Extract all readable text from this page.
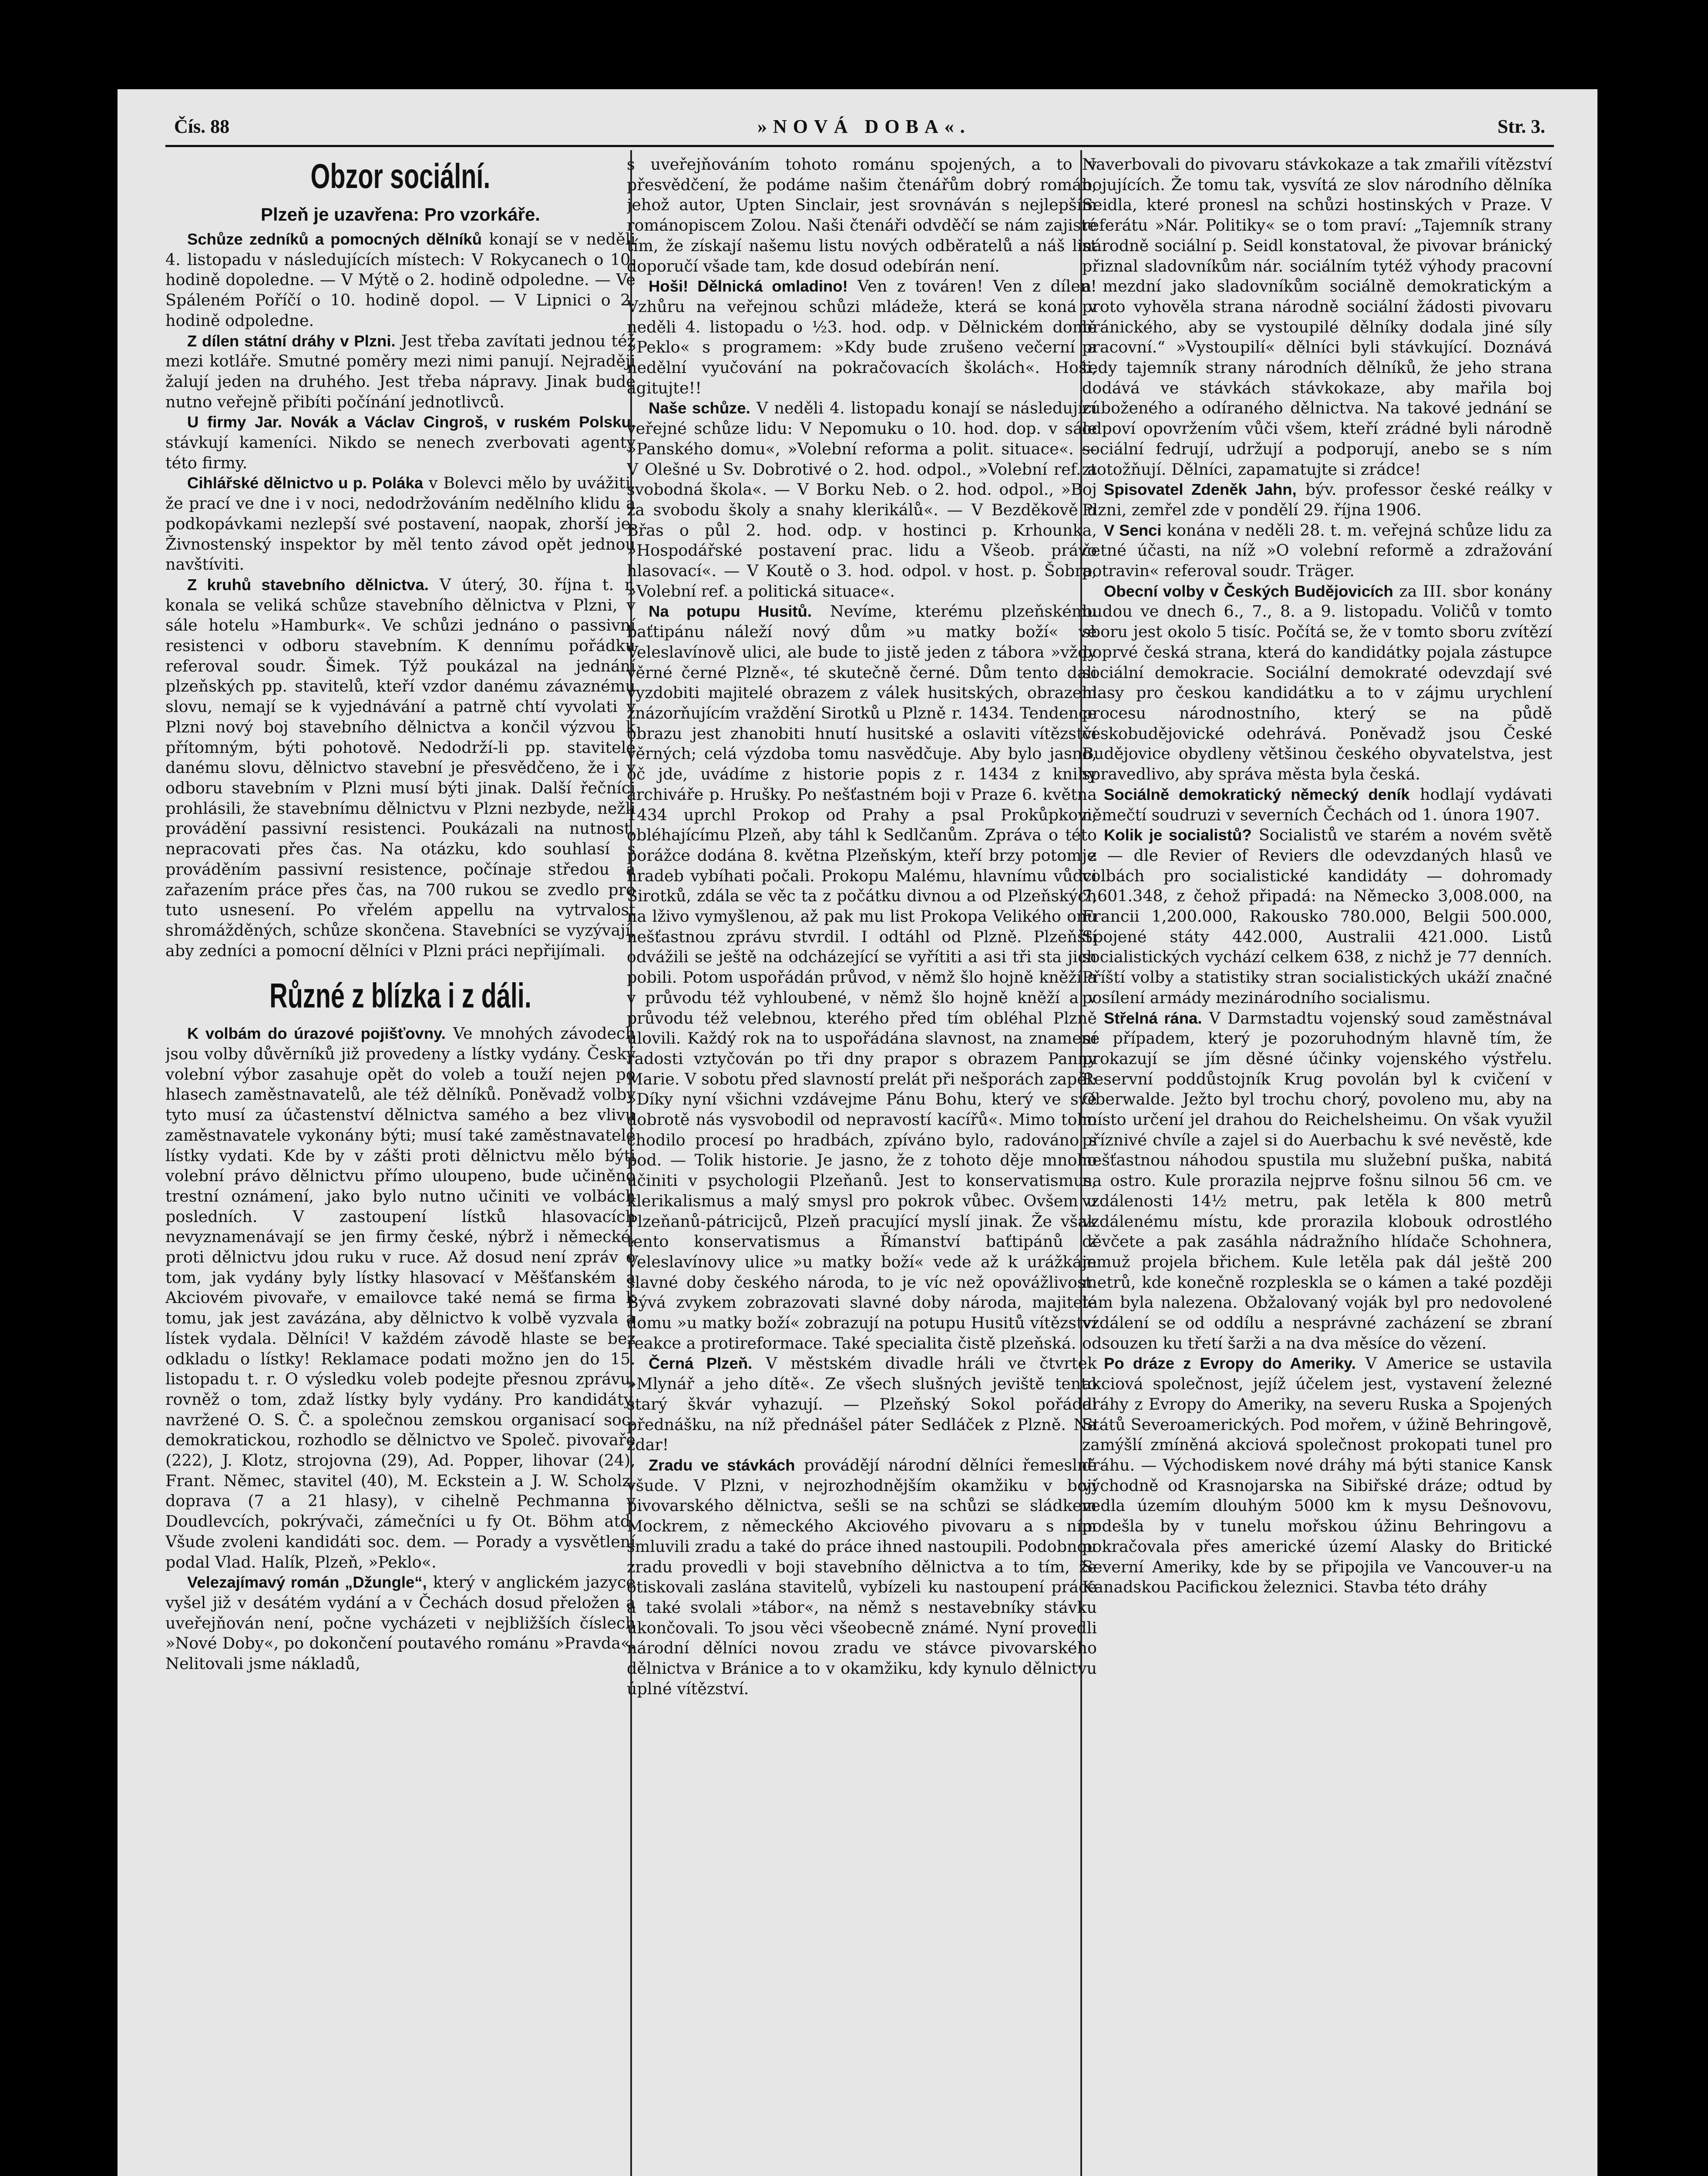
Čís. 88	»NOVÁ DOBA«.	Str. 3.
Obzor sociální.
Plzeň je uzavřena: Pro vzorkáře.

Schůze zedníků a pomocných dělníků konají se v neděli 4. listopadu v následujících místech: V Rokycanech o 10. hodině dopoledne. — V Mýtě o 2. hodině odpoledne. — Ve Spáleném Poříčí o 10. hodině dopol. — V Lipnici o 2. hodině odpoledne.

Z dílen státní dráhy v Plzni. Jest třeba zavítati jednou též mezi kotláře. Smutné poměry mezi nimi panují. Nejraději žalují jeden na druhého. Jest třeba nápravy. Jinak bude nutno veřejně přibíti počínání jednotlivců.

U firmy Jar. Novák a Václav Cingroš, v ruském Polsku, stávkují kameníci. Nikdo se nenech zverbovati agenty této firmy.

Cihlářské dělnictvo u p. Poláka v Bolevci mělo by uvážiti, že prací ve dne i v noci, nedodržováním nedělního klidu a podkopávkami nezlepší své postavení, naopak, zhorší je. Živnostenský inspektor by měl tento závod opět jednou navštíviti.

Z kruhů stavebního dělnictva. V úterý, 30. října t. r. konala se veliká schůze stavebního dělnictva v Plzni, v sále hotelu »Hamburk«. Ve schůzi jednáno o passivní resistenci v odboru stavebním. K dennímu pořádku referoval soudr. Šimek. Týž poukázal na jednání plzeňských pp. stavitelů, kteří vzdor danému závaznému slovu, nemají se k vyjednávání a patrně chtí vyvolati v Plzni nový boj stavebního dělnictva a končil výzvou k přítomným, býti pohotově. Nedodrží-li pp. stavitelé danému slovu, dělnictvo stavební je přesvědčeno, že i v odboru stavebním v Plzni musí býti jinak. Další řečníci prohlásili, že stavebnímu dělnictvu v Plzni nezbyde, nežli provádění passivní resistenci. Poukázali na nutnost, nepracovati přes čas. Na otázku, kdo souhlasí s prováděním passivní resistence, počínaje středou a zařazením práce přes čas, na 700 rukou se zvedlo pro tuto usnesení. Po vřelém appellu na vytrvalost shromážděných, schůze skončena. Stavebníci se vyzývají, aby zedníci a pomocní dělníci v Plzni práci nepřijímali.

Různé z blízka i z dáli.

K volbám do úrazové pojišťovny. Ve mnohých závodech jsou volby důvěrníků již provedeny a lístky vydány. Český volební výbor zasahuje opět do voleb a touží nejen po hlasech zaměstnavatelů, ale též dělníků. Poněvadž volby tyto musí za účastenství dělnictva samého a bez vlivu zaměstnavatele vykonány býti; musí také zaměstnavatelé lístky vydati. Kde by v zášti proti dělnictvu mělo býti volební právo dělnictvu přímo uloupeno, bude učiněno trestní oznámení, jako bylo nutno učiniti ve volbách posledních. V zastoupení lístků hlasovacích nevyznamenávají se jen firmy české, nýbrž i německé, proti dělnictvu jdou ruku v ruce. Až dosud není zpráv o tom, jak vydány byly lístky hlasovací v Měšťanském a Akciovém pivovaře, v emailovce také nemá se firma k tomu, jak jest zavázána, aby dělnictvo k volbě vyzvala a lístek vydala. Dělníci! V každém závodě hlaste se bez odkladu o lístky! Reklamace podati možno jen do 15. listopadu t. r. O výsledku voleb podejte přesnou zprávu, rovněž o tom, zdaž lístky byly vydány. Pro kandidáty, navržené O. S. Č. a společnou zemskou organisací soc. demokratickou, rozhodlo se dělnictvo ve Společ. pivovaře (222), J. Klotz, strojovna (29), Ad. Popper, lihovar (24), Frant. Němec, stavitel (40), M. Eckstein a J. W. Scholz, doprava (7 a 21 hlasy), v cihelně Pechmanna v Doudlevcích, pokrývači, zámečníci u fy Ot. Böhm atd. Všude zvoleni kandidáti soc. dem. — Porady a vysvětlení podal Vlad. Halík, Plzeň, »Peklo«.

Velezajímavý román „Džungle“, který v anglickém jazyce vyšel již v desátém vydání a v Čechách dosud přeložen a uveřejňován není, počne vycházeti v nejbližších číslech »Nové Doby«, po dokončení poutavého románu »Pravda«. Nelitovali jsme nákladů,

s uveřejňováním tohoto románu spojených, a to v přesvědčení, že podáme našim čtenářům dobrý román, jehož autor, Upten Sinclair, jest srovnáván s nejlepším románopiscem Zolou. Naši čtenáři odvděčí se nám zajisté tím, že získají našemu listu nových odběratelů a náš list doporučí všade tam, kde dosud odebírán není.

Hoši! Dělnická omladino! Ven z továren! Ven z dílen! Vzhůru na veřejnou schůzi mládeže, která se koná v neděli 4. listopadu o ½3. hod. odp. v Dělnickém domě »Peklo« s programem: »Kdy bude zrušeno večerní a nedělní vyučování na pokračovacích školách«. Hoši, agitujte!!

Naše schůze. V neděli 4. listopadu konají se následující veřejné schůze lidu: V Nepomuku o 10. hod. dop. v sále »Panského domu«, »Volební reforma a polit. situace«. — V Olešné u Sv. Dobrotivé o 2. hod. odpol., »Volební ref. a svobodná škola«. — V Borku Neb. o 2. hod. odpol., »Boj za svobodu školy a snahy klerikálů«. — V Bezděkově u Břas o půl 2. hod. odp. v hostinci p. Krhounka, »Hospodářské postavení prac. lidu a Všeob. právo hlasovací«. — V Koutě o 3. hod. odpol. v host. p. Šobra, »Volební ref. a politická situace«.

Na potupu Husitů. Nevíme, kterému plzeňskému baťtipánu náleží nový dům »u matky boží« ve Veleslavínově ulici, ale bude to jistě jeden z tábora »vždy věrné černé Plzně«, té skutečně černé. Dům tento dali vyzdobiti majitelé obrazem z válek husitských, obrazem znázorňujícím vraždění Sirotků u Plzně r. 1434. Tendence obrazu jest zhanobiti hnutí husitské a oslaviti vítězství věrných; celá výzdoba tomu nasvědčuje. Aby bylo jasno, oč jde, uvádíme z historie popis z r. 1434 z knihy archiváře p. Hrušky. Po nešťastném boji v Praze 6. května 1434 uprchl Prokop od Prahy a psal Prokůpkovi, obléhajícímu Plzeň, aby táhl k Sedlčanům. Zpráva o této porážce dodána 8. května Plzeňským, kteří brzy potom z hradeb vybíhati počali. Prokopu Malému, hlavnímu vůdci Sirotků, zdála se věc ta z počátku divnou a od Plzeňských na lživo vymyšlenou, až pak mu list Prokopa Velikého onu nešťastnou zprávu stvrdil. I odtáhl od Plzně. Plzeňští odvážili se ještě na odcházející se vyřítiti a asi tři sta jich pobili. Potom uspořádán průvod, v němž šlo hojně kněží a v průvodu též vyhloubené, v němž šlo hojně kněží a v průvodu též velebnou, kterého před tím obléhal Plzně ulovili. Každý rok na to uspořádána slavnost, na znamení radosti vztyčován po tři dny prapor s obrazem Panny Marie. V sobotu před slavností prelát při nešporách zapěl: »Díky nyní všichni vzdávejme Pánu Bohu, který ve své dobrotě nás vysvobodil od nepravostí kacířů«. Mimo toho chodilo procesí po hradbách, zpíváno bylo, radováno s pod. — Tolik historie. Je jasno, že z tohoto děje mnoho učiniti v psychologii Plzeňanů. Jest to konservatismus, klerikalismus a malý smysl pro pokrok vůbec. Ovšem u Plzeňanů-pátricijců, Plzeň pracující myslí jinak. Že však tento konservatismus a Římanství baťtipánů z Veleslavínovy ulice »u matky boží« vede až k urážkám slavné doby českého národa, to je víc než opovážlivost. Bývá zvykem zobrazovati slavné doby národa, majitelé domu »u matky boží« zobrazují na potupu Husitů vítězství reakce a protireformace. Také specialita čistě plzeňská.

Černá Plzeň. V městském divadle hráli ve čtvrtek »Mlynář a jeho dítě«. Ze všech slušných jeviště tento starý škvár vyhazují. — Plzeňský Sokol pořádal přednášku, na níž přednášel páter Sedláček z Plzně. Na zdar!

Zradu ve stávkách provádějí národní dělníci řemeslně všude. V Plzni, v nejrozhodnějším okamžiku v boji pivovarského dělnictva, sešli se na schůzi se sládkem Mockrem, z německého Akciového pivovaru a s ním smluvili zradu a také do práce ihned nastoupili. Podobnou zradu provedli v boji stavebního dělnictva a to tím, že otiskovali zaslána stavitelů, vybízeli ku nastoupení práce a také svolali »tábor«, na němž s nestavebníky stávku ukončovali. To jsou věci všeobecně známé. Nyní provedli národní dělníci novou zradu ve stávce pivovarského dělnictva v Bránice a to v okamžiku, kdy kynulo dělnictvu úplné vítězství.

Naverbovali do pivovaru stávkokaze a tak zmařili vítězství bojujících. Že tomu tak, vysvítá ze slov národního dělníka Seidla, které pronesl na schůzi hostinských v Praze. V referátu »Nár. Politiky« se o tom praví: „Tajemník strany národně sociální p. Seidl konstatoval, že pivovar bránický přiznal sladovníkům nár. sociálním tytéž výhody pracovní a mezdní jako sladovníkům sociálně demokratickým a proto vyhověla strana národně sociální žádosti pivovaru bránického, aby se vystoupilé dělníky dodala jiné síly pracovní.“ »Vystoupilí« dělníci byli stávkující. Doznává tedy tajemník strany národních dělníků, že jeho strana dodává ve stávkách stávkokaze, aby mařila boj zuboženého a odíraného dělnictva. Na takové jednání se odpoví opovržením vůči všem, kteří zrádné byli národně sociální fedrují, udržují a podporují, anebo se s ním ztotožňují. Dělníci, zapamatujte si zrádce!

Spisovatel Zdeněk Jahn, býv. professor české reálky v Plzni, zemřel zde v pondělí 29. října 1906.

V Senci konána v neděli 28. t. m. veřejná schůze lidu za četné účasti, na níž »O volební reformě a zdražování potravin« referoval soudr. Träger.

Obecní volby v Českých Budějovicích za III. sbor konány budou ve dnech 6., 7., 8. a 9. listopadu. Voličů v tomto sboru jest okolo 5 tisíc. Počítá se, že v tomto sboru zvítězí poprvé česká strana, která do kandidátky pojala zástupce sociální demokracie. Sociální demokraté odevzdají své hlasy pro českou kandidátku a to v zájmu urychlení procesu národnostního, který se na půdě českobudějovické odehrává. Poněvadž jsou České Budějovice obydleny většinou českého obyvatelstva, jest spravedlivo, aby správa města byla česká.

Sociálně demokratický německý deník hodlají vydávati němečtí soudruzi v severních Čechách od 1. února 1907.

Kolik je socialistů? Socialistů ve starém a novém světě je — dle Revier of Reviers dle odevzdaných hlasů ve volbách pro socialistické kandidáty — dohromady 7,601.348, z čehož připadá: na Německo 3,008.000, na Francii 1,200.000, Rakousko 780.000, Belgii 500.000, Spojené státy 442.000, Australii 421.000. Listů socialistických vychází celkem 638, z nichž je 77 denních. Příští volby a statistiky stran socialistických ukáží značné posílení armády mezinárodního socialismu.

Střelná rána. V Darmstadtu vojenský soud zaměstnával se případem, který je pozoruhodným hlavně tím, že prokazují se jím děsné účinky vojenského výstřelu. Reservní poddůstojník Krug povolán byl k cvičení v Oberwalde. Ježto byl trochu chorý, povoleno mu, aby na místo určení jel drahou do Reichelsheimu. On však využil příznivé chvíle a zajel si do Auerbachu k své nevěstě, kde nešťastnou náhodou spustila mu služební puška, nabitá na ostro. Kule prorazila nejprve fošnu silnou 56 cm. ve vzdálenosti 14½ metru, pak letěla k 800 metrů vzdálenému místu, kde prorazila klobouk odrostlého děvčete a pak zasáhla nádražního hlídače Schohnera, jemuž projela břichem. Kule letěla pak dál ještě 200 metrů, kde konečně rozpleskla se o kámen a také později tam byla nalezena. Obžalovaný voják byl pro nedovolené vzdálení se od oddílu a nesprávné zacházení se zbraní odsouzen ku třetí šarži a na dva měsíce do vězení.

Po dráze z Evropy do Ameriky. V Americe se ustavila akciová společnost, jejíž účelem jest, vystavení železné dráhy z Evropy do Ameriky, na severu Ruska a Spojených Států Severoamerických. Pod mořem, v úžině Behringově, zamýšlí zmíněná akciová společnost prokopati tunel pro dráhu. — Východiskem nové dráhy má býti stanice Kansk východně od Krasnojarska na Sibiřské dráze; odtud by vedla územím dlouhým 5000 km k mysu Dešnovovu, podešla by v tunelu mořskou úžinu Behringovu a pokračovala přes americké území Alasky do Britické Severní Ameriky, kde by se připojila ve Vancouver-u na Kanadskou Pacifickou železnici. Stavba této dráhy
